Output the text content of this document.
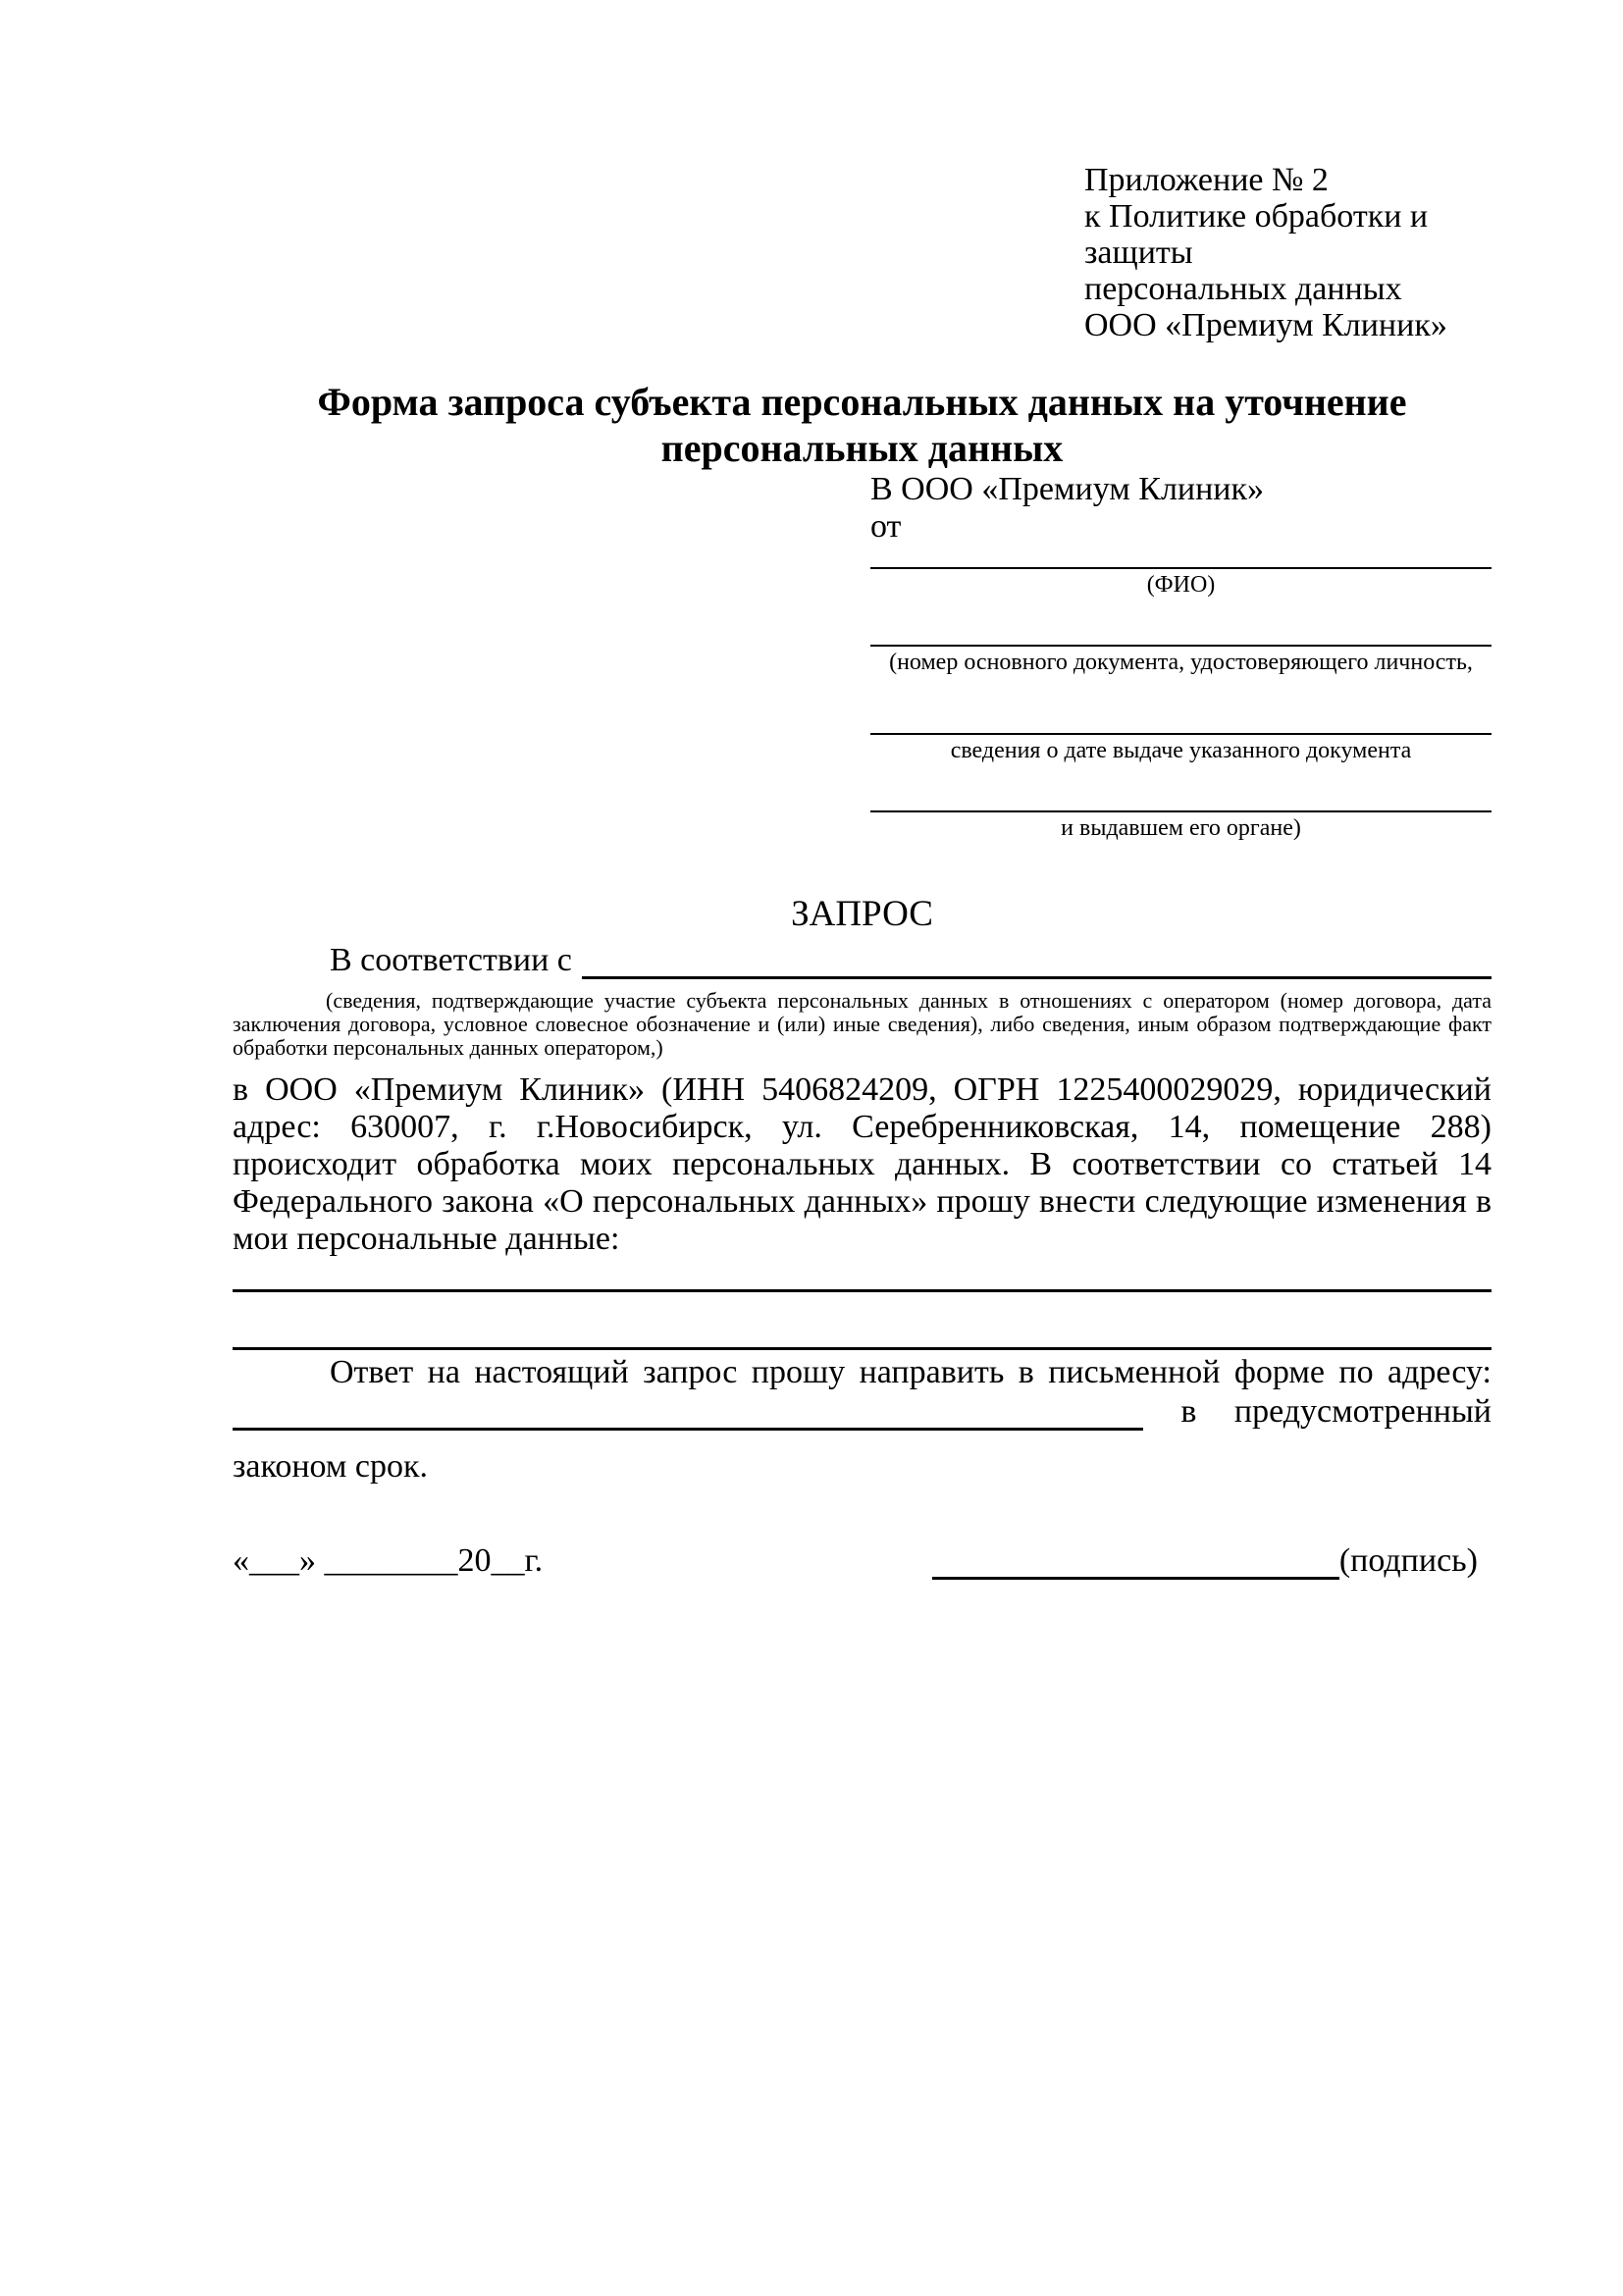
Приложение № 2
к Политике обработки и защиты
персональных данных
ООО «Премиум Клиник»
Форма запроса субъекта персональных данных на уточнение персональных данных
В ООО «Премиум Клиник»
от
(ФИО)
(номер основного документа, удостоверяющего личность,
сведения о дате выдаче указанного документа
и выдавшем его органе)
ЗАПРОС
В соответствии с

(сведения, подтверждающие участие субъекта персональных данных в отношениях с оператором (номер договора, дата заключения договора, условное словесное обозначение и (или) иные сведения), либо сведения, иным образом подтверждающие факт обработки персональных данных оператором,)

в ООО «Премиум Клиник» (ИНН 5406824209, ОГРН 1225400029029, юридический адрес: 630007, г. г.Новосибирск, ул. Серебренниковская, 14, помещение 288) происходит обработка моих персональных данных. В соответствии со статьей 14 Федерального закона «О персональных данных» прошу внести следующие изменения в мои персональные данные:

Ответ на настоящий запрос прошу направить в письменной форме по адресу:

в предусмотренный

законом срок.

«___» ________20__г.	(подпись)
